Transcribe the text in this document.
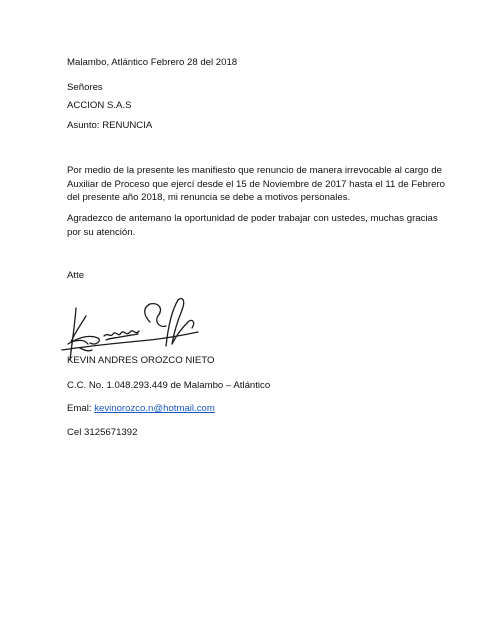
Malambo, Atlántico Febrero 28 del 2018
Señores
ACCION S.A.S
Asunto: RENUNCIA
Por medio de la presente les manifiesto que renuncio de manera irrevocable al cargo de
Auxiliar de Proceso que ejercí desde el 15 de Noviembre de 2017 hasta el 11 de Febrero
del presente año 2018, mi renuncia se debe a motivos personales.
Agradezco de antemano la oportunidad de poder trabajar con ustedes, muchas gracias
por su atención.
Atte
KEVIN ANDRES OROZCO NIETO
C.C. No. 1.048.293.449 de Malambo – Atlántico
Emal: kevinorozco.n@hotmail.com
Cel 3125671392
